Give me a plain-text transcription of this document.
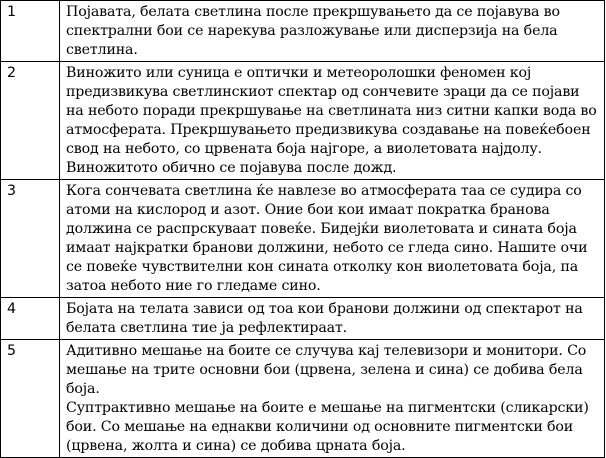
1	Појавата, белата светлина после прекршувањето да се појавува во спектрални бои се нарекува разложување или дисперзија на бела светлина.

2	Виножито или суница е оптички и метеоролошки феномен кој предизвикува светлинскиот спектар од сончевите зраци да се појави на небото поради прекршување на светлината низ ситни капки вода во атмосферата. Прекршувањето предизвикува создавање на повеќебоен свод на небото, со црвената боја најгоре, а виолетовата најдолу. Виножитото обично се појавува после дожд.

3	Кога сончевата светлина ќе навлезе во атмосферата таа се судира со атоми на кислород и азот. Оние бои кои имаат пократка бранова должина се распрскуваат повеќе. Бидејќи виолетовата и сината боја имаат најкратки бранови должини, небото се гледа сино. Нашите очи се повеќе чувствителни кон сината отколку кон виолетовата боја, па затоа небото ние го гледаме сино.

4	Бојата на телата зависи од тоа кои бранови должини од спектарот на белата светлина тие ја рефлектираат.

5	Адитивно мешање на боите се случува кај телевизори и монитори. Со мешање на трите основни бои (црвена, зелена и сина) се добива бела боја.
Суптрактивно мешање на боите е мешање на пигментски (сликарски) бои. Со мешање на еднакви количини од основните пигментски бои (црвена, жолта и сина) се добива црната боја.
